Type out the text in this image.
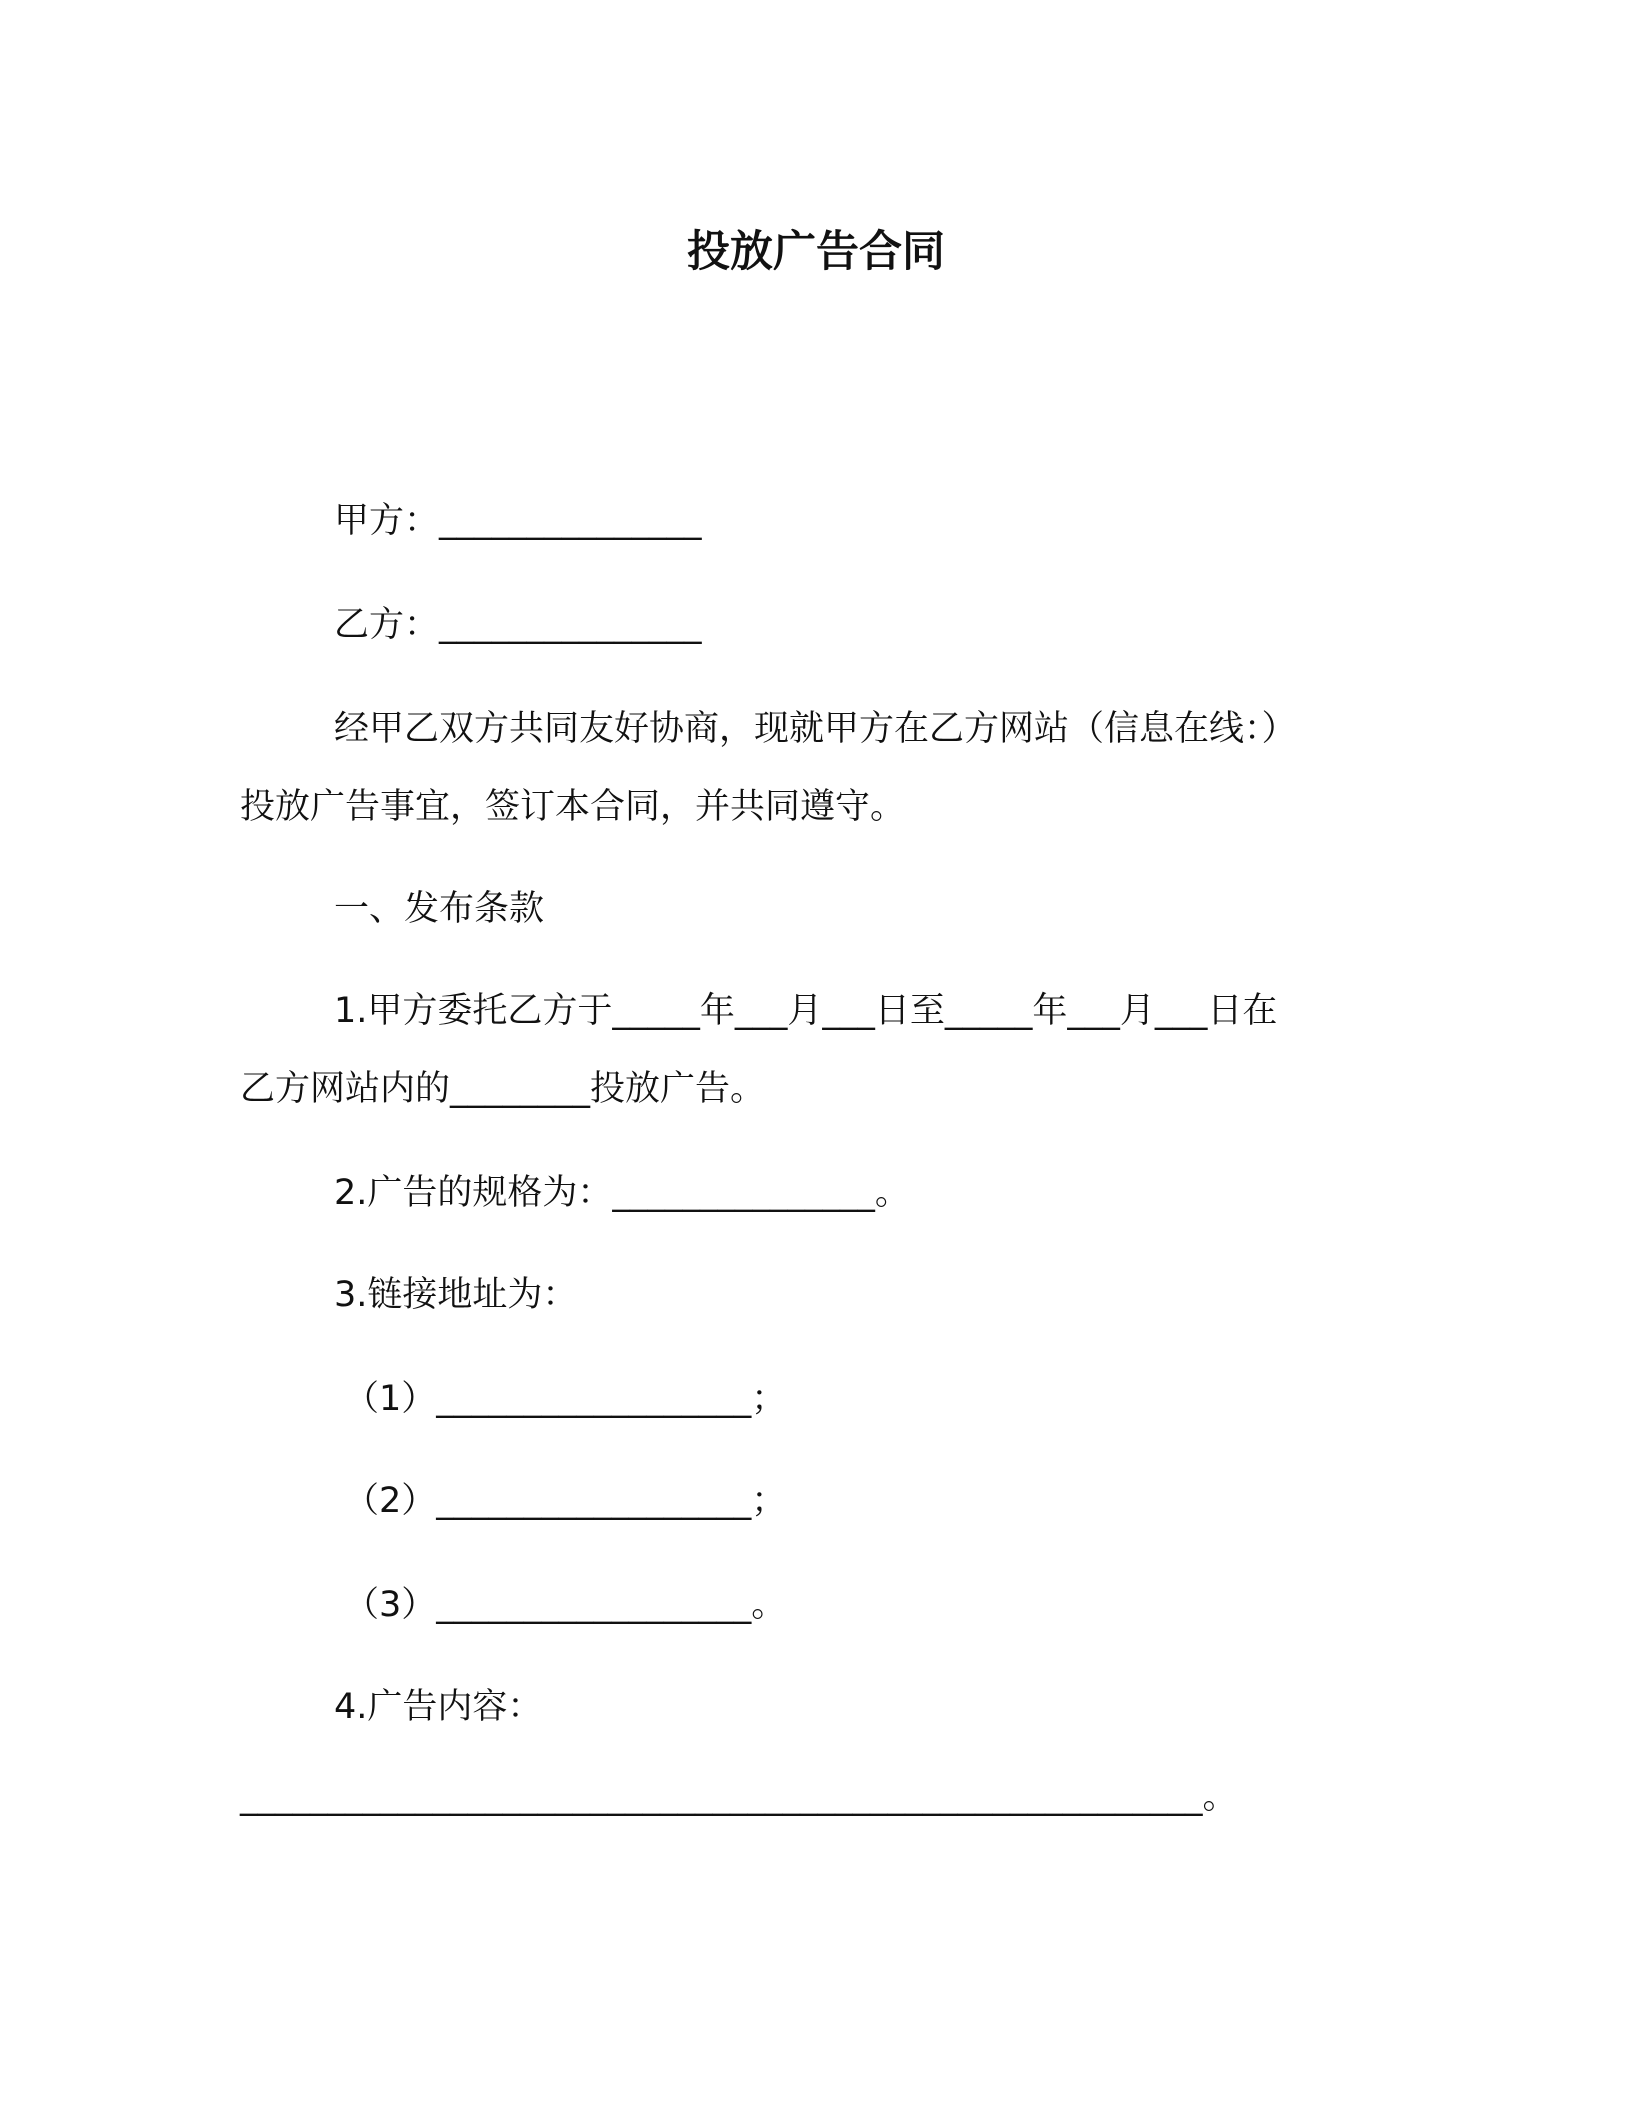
投放广告合同
甲方：_______________
乙方：_______________
经甲乙双方共同友好协商，现就甲方在乙方网站（信息在线：）
投放广告事宜，签订本合同，并共同遵守。
一、发布条款
1.甲方委托乙方于_____年___月___日至_____年___月___日在
乙方网站内的________投放广告。
2.广告的规格为：_______________。
3.链接地址为：
（1）__________________；
（2）__________________；
（3）__________________。
4.广告内容：
_______________________________________________________。
